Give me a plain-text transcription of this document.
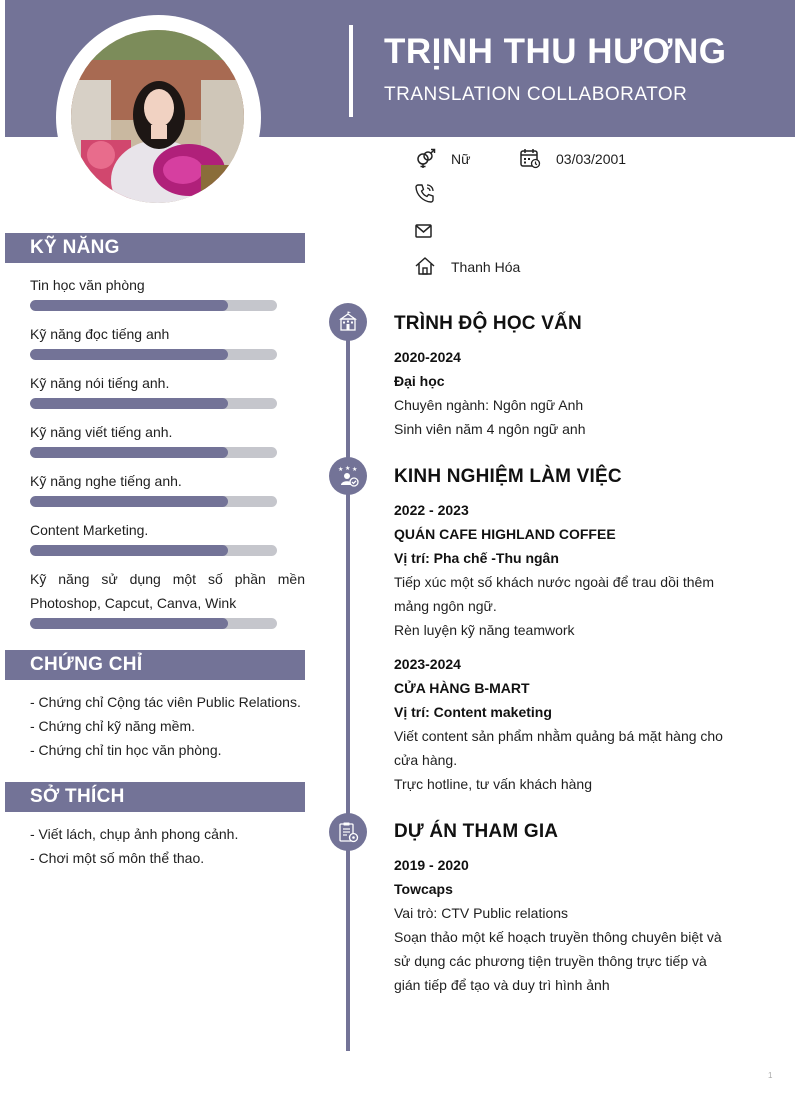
TRỊNH THU HƯƠNG
TRANSLATION COLLABORATOR
Nữ	03/03/2001
Thanh Hóa
KỸ NĂNG
Tin học văn phòng
Kỹ năng đọc tiếng anh
Kỹ năng nói tiếng anh.
Kỹ năng viết tiếng anh.
Kỹ năng nghe tiếng anh.
Content Marketing.
Kỹ năng sử dụng một số phần mền Photoshop, Capcut, Canva, Wink
CHỨNG CHỈ
- Chứng chỉ Cộng tác viên Public Relations.
- Chứng chỉ kỹ năng mềm.
- Chứng chỉ tin học văn phòng.
SỞ THÍCH
- Viết lách, chụp ảnh phong cảnh.
- Chơi một số môn thể thao.
TRÌNH ĐỘ HỌC VẤN
2020-2024
Đại học
Chuyên ngành: Ngôn ngữ Anh
Sinh viên năm 4 ngôn ngữ anh
★ ★ ★ KINH NGHIỆM LÀM VIỆC
2022 - 2023
QUÁN CAFE HIGHLAND COFFEE
Vị trí: Pha chế -Thu ngân
Tiếp xúc một số khách nước ngoài để trau dồi thêm
mảng ngôn ngữ.
Rèn luyện kỹ năng teamwork
2023-2024
CỬA HÀNG B-MART
Vị trí: Content maketing
Viết content sản phẩm nhằm quảng bá mặt hàng cho
cửa hàng.
Trực hotline, tư vấn khách hàng
DỰ ÁN THAM GIA
2019 - 2020
Towcaps
Vai trò: CTV Public relations
Soạn thảo một kế hoạch truyền thông chuyên biệt và
sử dụng các phương tiện truyền thông trực tiếp và
gián tiếp để tạo và duy trì hình ảnh
1
